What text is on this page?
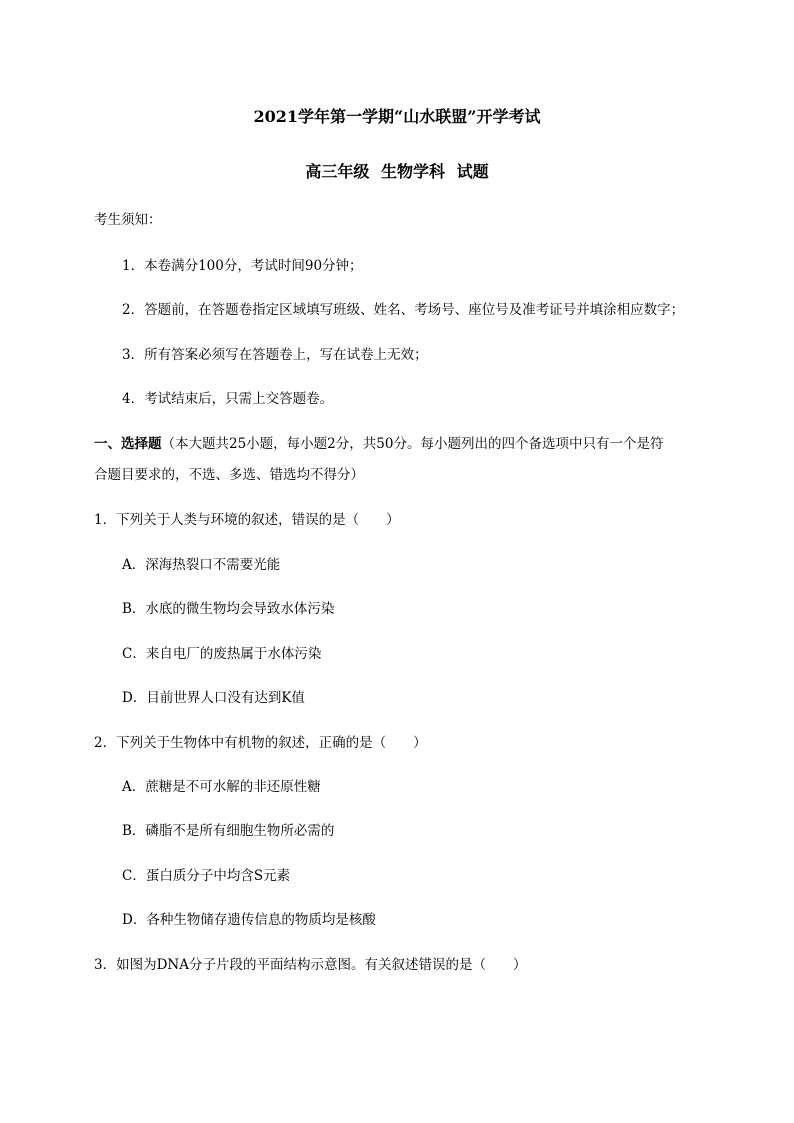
2021学年第一学期“山水联盟”开学考试
高三年级 生物学科 试题
考生须知：
1．本卷满分100分，考试时间90分钟；
2．答题前，在答题卷指定区域填写班级、姓名、考场号、座位号及准考证号并填涂相应数字；
3．所有答案必须写在答题卷上，写在试卷上无效；
4．考试结束后，只需上交答题卷。
一、选择题（本大题共25小题，每小题2分，共50分。每小题列出的四个备选项中只有一个是符
合题目要求的，不选、多选、错选均不得分）
1．下列关于人类与环境的叙述，错误的是（　　）
A．深海热裂口不需要光能
B．水底的微生物均会导致水体污染
C．来自电厂的废热属于水体污染
D．目前世界人口没有达到K值
2．下列关于生物体中有机物的叙述，正确的是（　　）
A．蔗糖是不可水解的非还原性糖
B．磷脂不是所有细胞生物所必需的
C．蛋白质分子中均含S元素
D．各种生物储存遗传信息的物质均是核酸
3．如图为DNA分子片段的平面结构示意图。有关叙述错误的是（　　）
